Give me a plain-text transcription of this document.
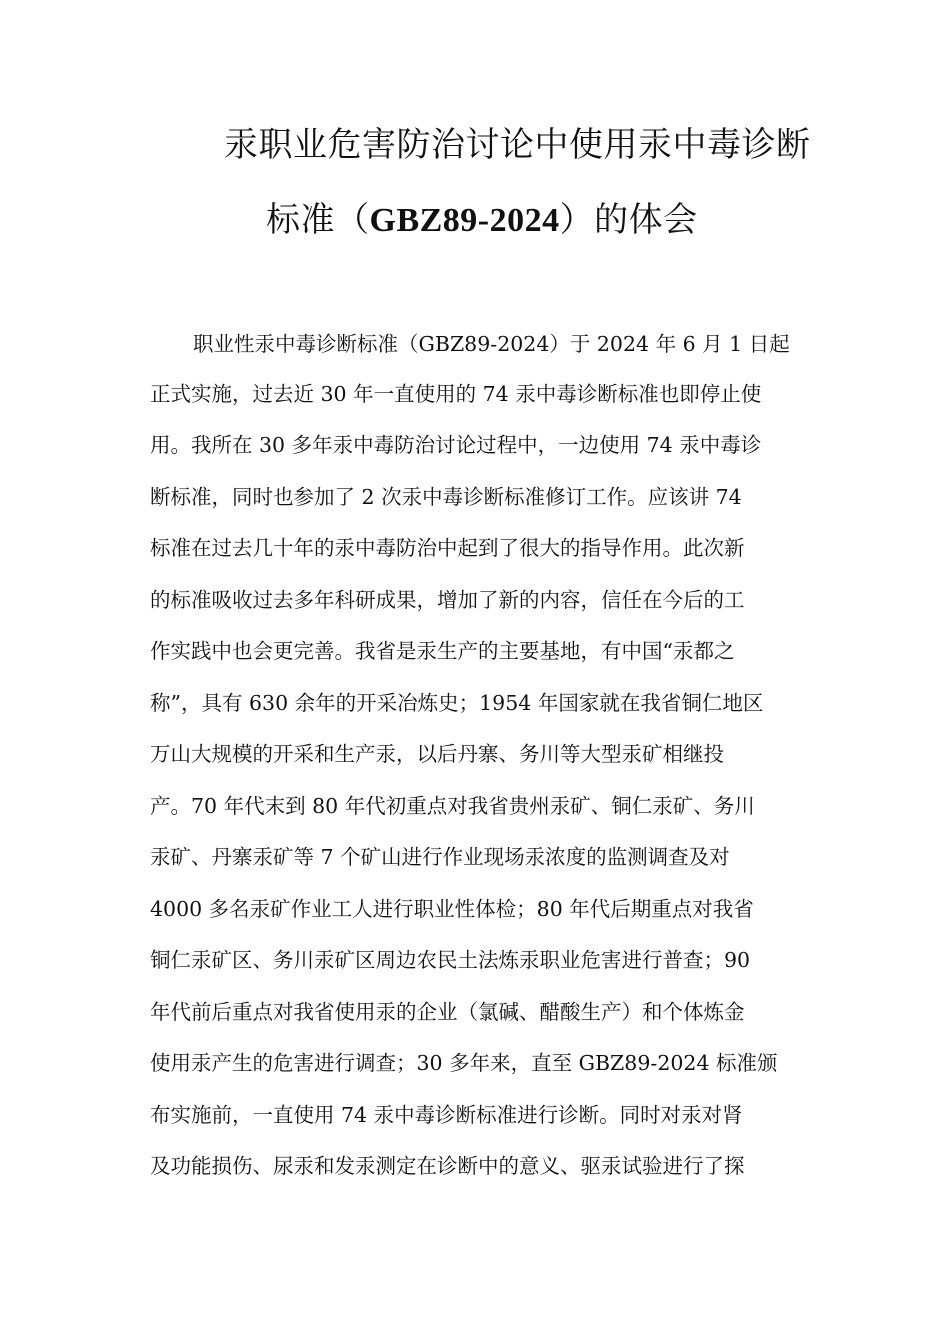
汞职业危害防治讨论中使用汞中毒诊断
标准（GBZ89-2024）的体会
职业性汞中毒诊断标准（GBZ89-2024）于 2024 年 6 月 1 日起
正式实施，过去近 30 年一直使用的 74 汞中毒诊断标准也即停止使
用。我所在 30 多年汞中毒防治讨论过程中，一边使用 74 汞中毒诊
断标准，同时也参加了 2 次汞中毒诊断标准修订工作。应该讲 74
标准在过去几十年的汞中毒防治中起到了很大的指导作用。此次新
的标准吸收过去多年科研成果，增加了新的内容，信任在今后的工
作实践中也会更完善。我省是汞生产的主要基地，有中国“汞都之
称”，具有 630 余年的开采冶炼史；1954 年国家就在我省铜仁地区
万山大规模的开采和生产汞，以后丹寨、务川等大型汞矿相继投
产。70 年代末到 80 年代初重点对我省贵州汞矿、铜仁汞矿、务川
汞矿、丹寨汞矿等 7 个矿山进行作业现场汞浓度的监测调查及对
4000 多名汞矿作业工人进行职业性体检；80 年代后期重点对我省
铜仁汞矿区、务川汞矿区周边农民土法炼汞职业危害进行普查；90
年代前后重点对我省使用汞的企业（氯碱、醋酸生产）和个体炼金
使用汞产生的危害进行调查；30 多年来，直至 GBZ89-2024 标准颁
布实施前，一直使用 74 汞中毒诊断标准进行诊断。同时对汞对肾
及功能损伤、尿汞和发汞测定在诊断中的意义、驱汞试验进行了探
